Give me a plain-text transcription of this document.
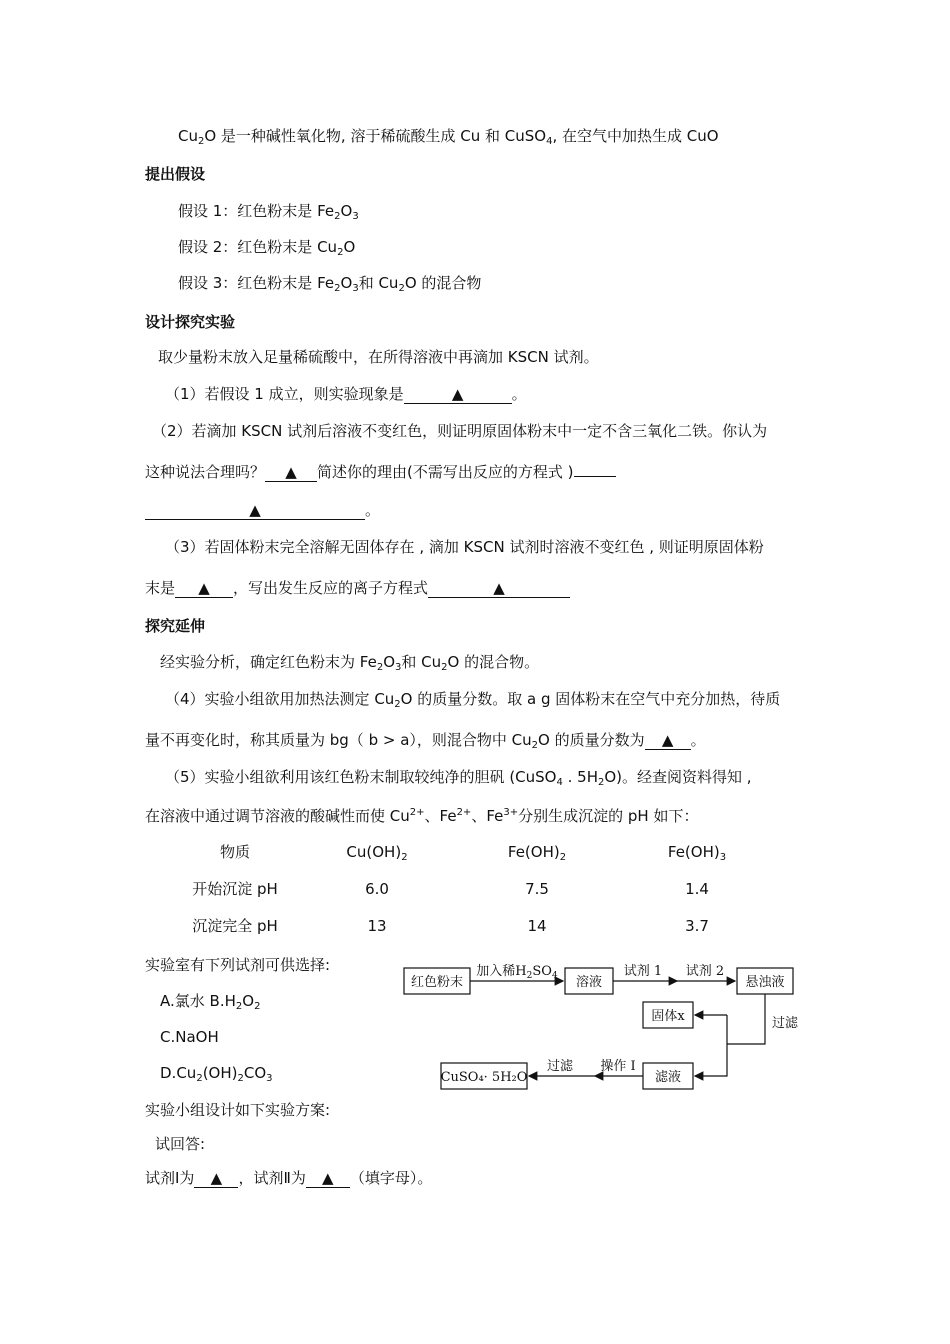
$Cu_2O$ 是一种碱性氧化物, 溶于稀硫酸生成 Cu 和 CuSO$_4$, 在空气中加热生成 CuO
提出假设
假设 1：红色粉末是 $Fe_2O_3$
假设 2：红色粉末是 $Cu_2O$
假设 3：红色粉末是 $Fe_2O_3$和 $Cu_2O$ 的混合物
设计探究实验
取少量粉末放入足量稀硫酸中，在所得溶液中再滴加 KSCN 试剂。
（1）若假设 1 成立，则实验现象是	▲	。
（2）若滴加 KSCN 试剂后溶液不变红色，则证明原固体粉末中一定不含三氧化二铁。你认为
这种说法合理吗？ ▲ 简述你的理由(不需写出反应的方程式 )
▲	。
（3）若固体粉末完全溶解无固体存在 , 滴加 KSCN 试剂时溶液不变红色 , 则证明原固体粉
末是 ▲ ，写出发生反应的离子方程式	▲
探究延伸
经实验分析，确定红色粉末为 $Fe_2O_3$和 $Cu_2O$ 的混合物。
（4）实验小组欲用加热法测定 $Cu_2O$ 的质量分数。取 a g 固体粉末在空气中充分加热，待质
量不再变化时，称其质量为 bg（ b > a），则混合物中 $Cu_2O$ 的质量分数为 ▲ 。
（5）实验小组欲利用该红色粉末制取较纯净的胆矾 (CuSO$_4$ . $5H_2O$)。经查阅资料得知 ,
在溶液中通过调节溶液的酸碱性而使 $Cu^{2+}$、$Fe^{2+}$、$Fe^{3+}$分别生成沉淀的 pH 如下：
物质	$Cu(OH)_2$	$Fe(OH)_2$	$Fe(OH)_3$
开始沉淀 pH	6.0	7.5	1.4
沉淀完全 pH	13	14	3.7
实验室有下列试剂可供选择:
A.氯水 $B.H_2O_2$
C.NaOH
$D.Cu_2(OH)_2CO_3$
红色粉末
加入稀$H_2SO_4$ 溶液
试剂 1 试剂 2
悬浊液
过滤
固体x
滤液
操作 I
过滤
CuSO₄· 5H₂O
实验小组设计如下实验方案:
试回答:
试剂Ⅰ为 ▲ ，试剂Ⅱ为 ▲ （填字母）。
